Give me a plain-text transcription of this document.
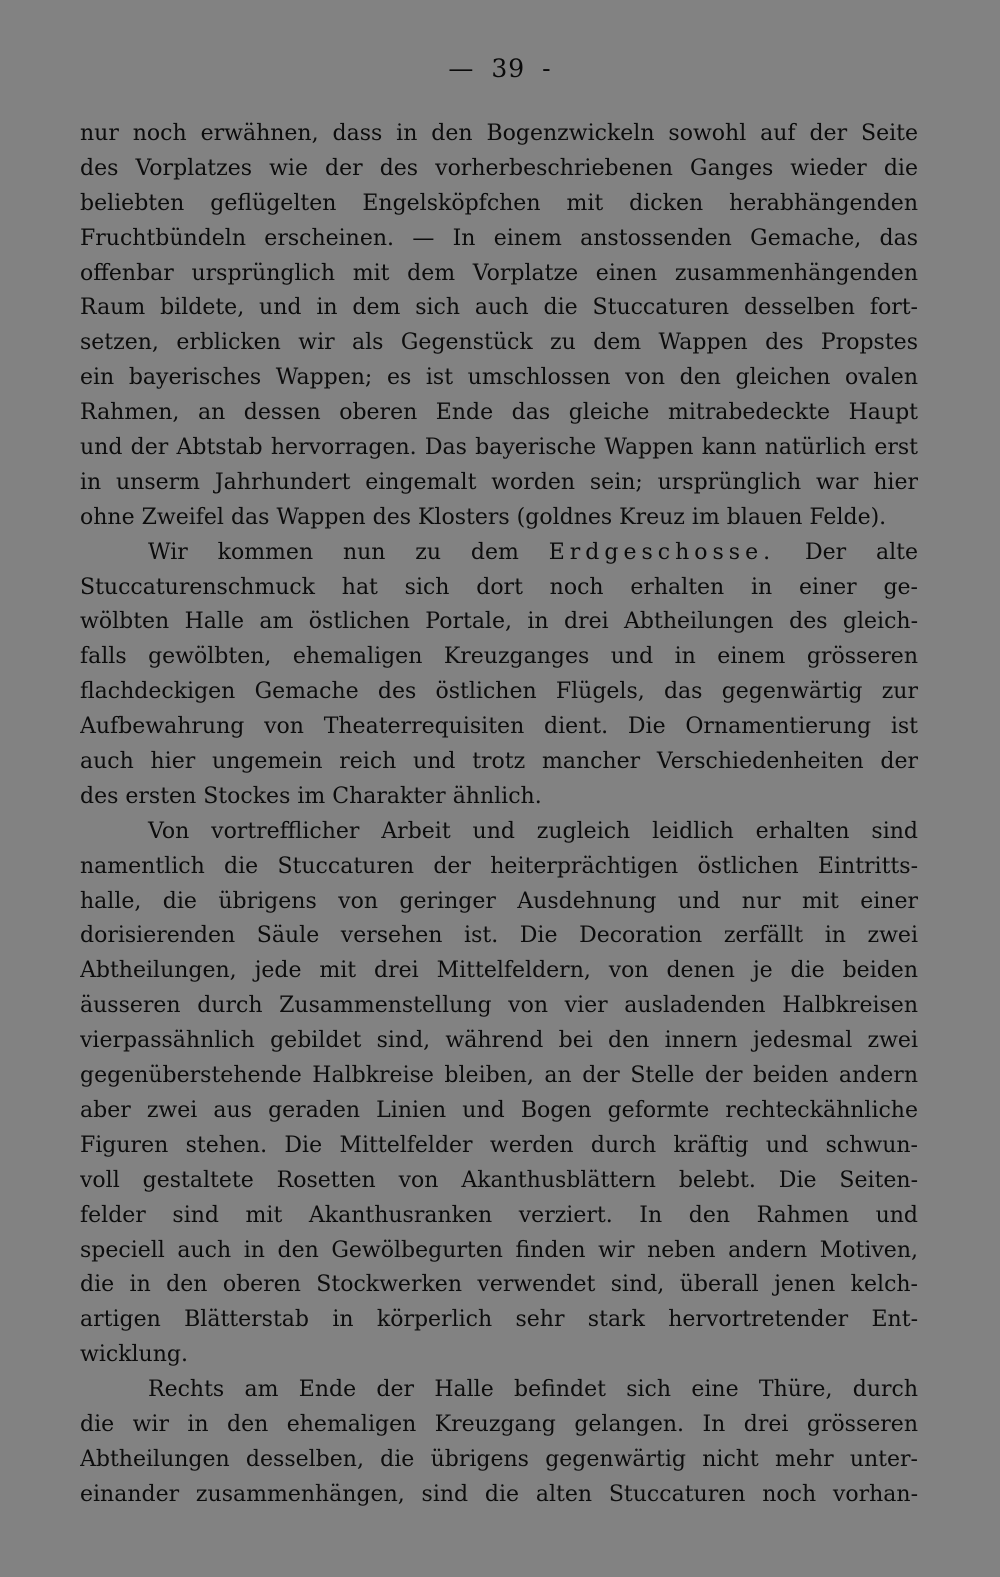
— 39 -
nur noch erwähnen, dass in den Bogenzwickeln sowohl auf der Seite
des Vorplatzes wie der des vorherbeschriebenen Ganges wieder die
beliebten geflügelten Engelsköpfchen mit dicken herabhängenden
Fruchtbündeln erscheinen. — In einem anstossenden Gemache, das
offenbar ursprünglich mit dem Vorplatze einen zusammenhängenden
Raum bildete, und in dem sich auch die Stuccaturen desselben fort-
setzen, erblicken wir als Gegenstück zu dem Wappen des Propstes
ein bayerisches Wappen; es ist umschlossen von den gleichen ovalen
Rahmen, an dessen oberen Ende das gleiche mitrabedeckte Haupt
und der Abtstab hervorragen. Das bayerische Wappen kann natürlich erst
in unserm Jahrhundert eingemalt worden sein; ursprünglich war hier
ohne Zweifel das Wappen des Klosters (goldnes Kreuz im blauen Felde).
Wir kommen nun zu dem Erdgeschosse. Der alte
Stuccaturenschmuck hat sich dort noch erhalten in einer ge-
wölbten Halle am östlichen Portale, in drei Abtheilungen des gleich-
falls gewölbten, ehemaligen Kreuzganges und in einem grösseren
flachdeckigen Gemache des östlichen Flügels, das gegenwärtig zur
Aufbewahrung von Theaterrequisiten dient. Die Ornamentierung ist
auch hier ungemein reich und trotz mancher Verschiedenheiten der
des ersten Stockes im Charakter ähnlich.
Von vortrefflicher Arbeit und zugleich leidlich erhalten sind
namentlich die Stuccaturen der heiterprächtigen östlichen Eintritts-
halle, die übrigens von geringer Ausdehnung und nur mit einer
dorisierenden Säule versehen ist. Die Decoration zerfällt in zwei
Abtheilungen, jede mit drei Mittelfeldern, von denen je die beiden
äusseren durch Zusammenstellung von vier ausladenden Halbkreisen
vierpassähnlich gebildet sind, während bei den innern jedesmal zwei
gegenüberstehende Halbkreise bleiben, an der Stelle der beiden andern
aber zwei aus geraden Linien und Bogen geformte rechteckähnliche
Figuren stehen. Die Mittelfelder werden durch kräftig und schwun-
voll gestaltete Rosetten von Akanthusblättern belebt. Die Seiten-
felder sind mit Akanthusranken verziert. In den Rahmen und
speciell auch in den Gewölbegurten finden wir neben andern Motiven,
die in den oberen Stockwerken verwendet sind, überall jenen kelch-
artigen Blätterstab in körperlich sehr stark hervortretender Ent-
wicklung.
Rechts am Ende der Halle befindet sich eine Thüre, durch
die wir in den ehemaligen Kreuzgang gelangen. In drei grösseren
Abtheilungen desselben, die übrigens gegenwärtig nicht mehr unter-
einander zusammenhängen, sind die alten Stuccaturen noch vorhan-
